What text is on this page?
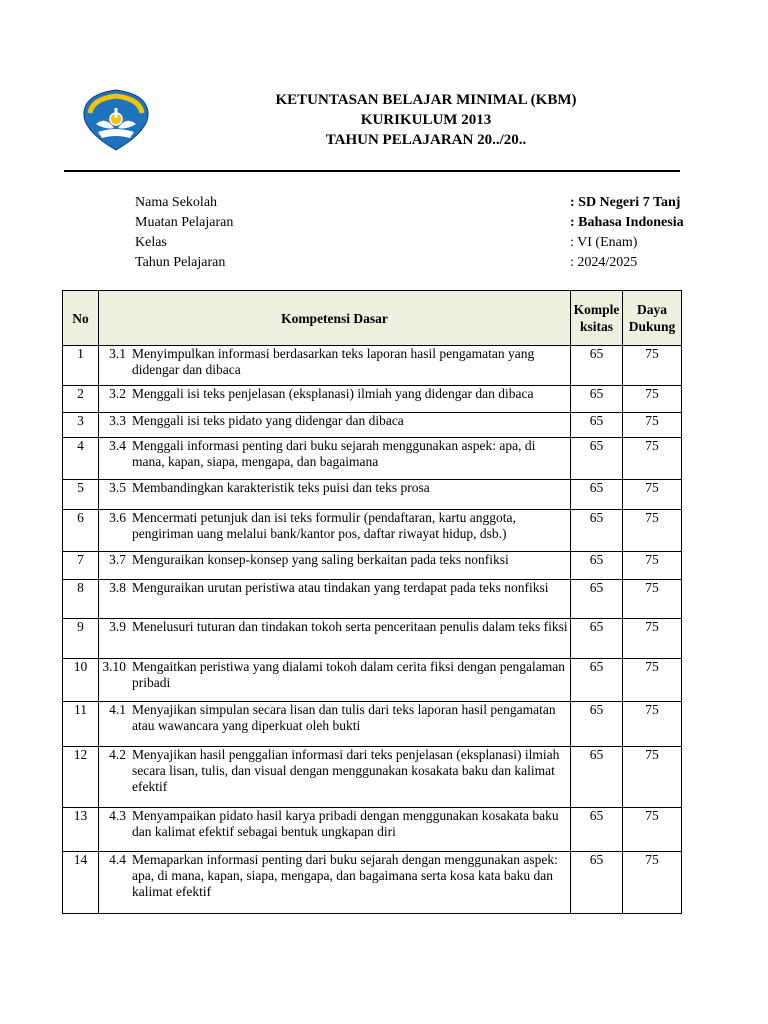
KETUNTASAN BELAJAR MINIMAL (KBM)
KURIKULUM 2013
TAHUN PELAJARAN 20../20..
Nama Sekolah	: SD Negeri 7 Tanj
Muatan Pelajaran	: Bahasa Indonesia
Kelas	: VI (Enam)
Tahun Pelajaran	: 2024/2025
No	Kompetensi Dasar	Komple ksitas	Daya Dukung
1	3.1 Menyimpulkan informasi berdasarkan teks laporan hasil pengamatan yang didengar dan dibaca	65	75
2	3.2 Menggali isi teks penjelasan (eksplanasi) ilmiah yang didengar dan dibaca	65	75
3	3.3 Menggali isi teks pidato yang didengar dan dibaca	65	75
4	3.4 Menggali informasi penting dari buku sejarah menggunakan aspek: apa, di mana, kapan, siapa, mengapa, dan bagaimana	65	75
5	3.5 Membandingkan karakteristik teks puisi dan teks prosa	65	75
6	3.6 Mencermati petunjuk dan isi teks formulir (pendaftaran, kartu anggota, pengiriman uang melalui bank/kantor pos, daftar riwayat hidup, dsb.)	65	75
7	3.7 Menguraikan konsep-konsep yang saling berkaitan pada teks nonfiksi	65	75
8	3.8 Menguraikan urutan peristiwa atau tindakan yang terdapat pada teks nonfiksi	65	75
9	3.9 Menelusuri tuturan dan tindakan tokoh serta penceritaan penulis dalam teks fiksi	65	75
10	3.10 Mengaitkan peristiwa yang dialami tokoh dalam cerita fiksi dengan pengalaman pribadi	65	75
11	4.1 Menyajikan simpulan secara lisan dan tulis dari teks laporan hasil pengamatan atau wawancara yang diperkuat oleh bukti	65	75
12	4.2 Menyajikan hasil penggalian informasi dari teks penjelasan (eksplanasi) ilmiah secara lisan, tulis, dan visual dengan menggunakan kosakata baku dan kalimat efektif	65	75
13	4.3 Menyampaikan pidato hasil karya pribadi dengan menggunakan kosakata baku dan kalimat efektif sebagai bentuk ungkapan diri	65	75
14	4.4 Memaparkan informasi penting dari buku sejarah dengan menggunakan aspek: apa, di mana, kapan, siapa, mengapa, dan bagaimana serta kosa kata baku dan kalimat efektif	65	75
